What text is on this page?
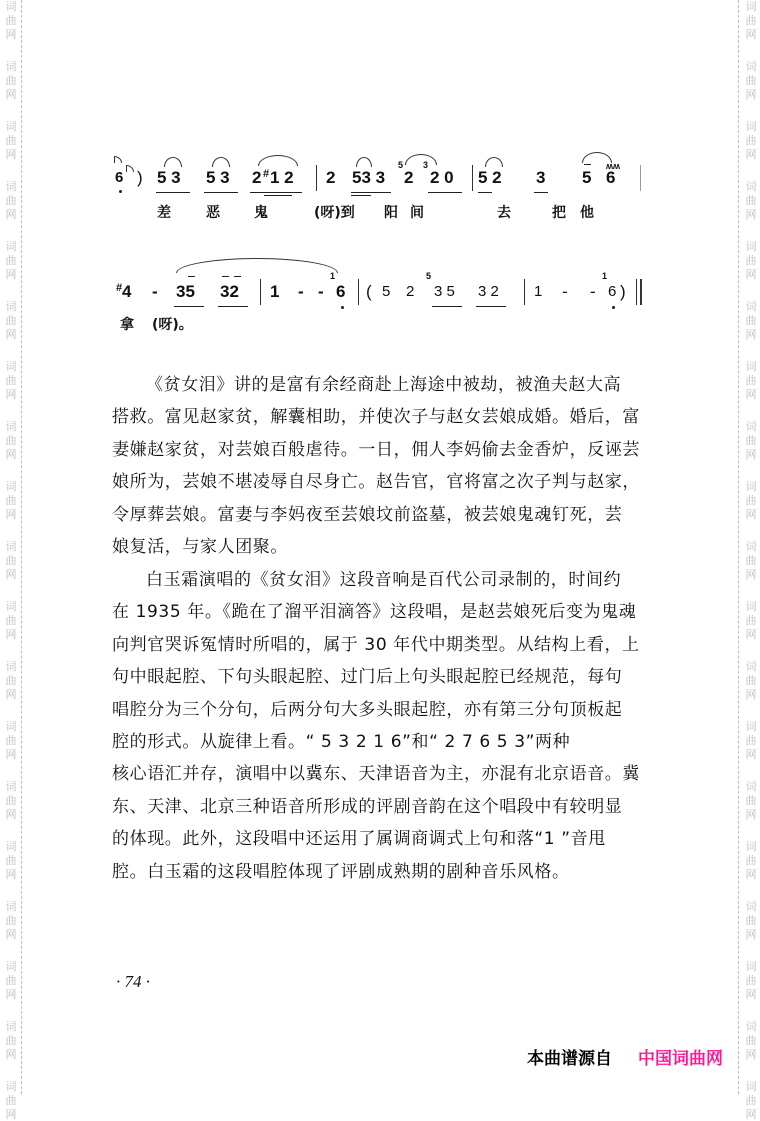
词
曲
网
词
曲
网
词
曲
网
词
曲
网
词
曲
网
词
曲
网
词
曲
网
词
曲
网
词
曲
网
词
曲
网
词
曲
网
词
曲
网
词
曲
网
词
曲
网
词
曲
网
词
曲
网
词
曲
网
词
曲
网
词
曲
网
词
曲
网
词
曲
网
词
曲
网
词
曲
网
词
曲
网
词
曲
网
词
曲
网
词
曲
网
词
曲
网
词
曲
网
词
曲
网
词
曲
网
词
曲
网
词
曲
网
词
曲
网
词
曲
网
词
曲
网
词
曲
网
词
曲
网
6 ) 5 3 5 3 2 # 1 2 2 53 3
5
2
3
2 0 5 2 3 5
ʍʍ
6
差	恶 鬼	(呀)到 阳 间	去	把 他
# 4 - 35 32 1 - -
1
6 ( 5 2
5
3 5 3 2 1 - -
1
6 )
拿 (呀)。
《贫女泪》讲的是富有余经商赴上海途中被劫，被渔夫赵大高
搭救。富见赵家贫，解囊相助，并使次子与赵女芸娘成婚。婚后，富
妻嫌赵家贫，对芸娘百般虐待。一日，佣人李妈偷去金香炉，反诬芸
娘所为，芸娘不堪凌辱自尽身亡。赵告官，官将富之次子判与赵家，
令厚葬芸娘。富妻与李妈夜至芸娘坟前盗墓，被芸娘鬼魂钉死，芸
娘复活，与家人团聚。
白玉霜演唱的《贫女泪》这段音响是百代公司录制的，时间约
在 1935 年。《跪在了溜平泪滴答》这段唱，是赵芸娘死后变为鬼魂
向判官哭诉冤情时所唱的，属于 30 年代中期类型。从结构上看，上
句中眼起腔、下句头眼起腔、过门后上句头眼起腔已经规范，每句
唱腔分为三个分句，后两分句大多头眼起腔，亦有第三分句顶板起
腔的形式。从旋律上看。“ 5 3 2 1 6”和“ 2 7 6 5 3”两种
核心语汇并存，演唱中以冀东、天津语音为主，亦混有北京语音。冀
东、天津、北京三种语音所形成的评剧音韵在这个唱段中有较明显
的体现。此外，这段唱中还运用了属调商调式上句和落“1 ”音甩
腔。白玉霜的这段唱腔体现了评剧成熟期的剧种音乐风格。
· 74 ·
本曲谱源自 中国词曲网
